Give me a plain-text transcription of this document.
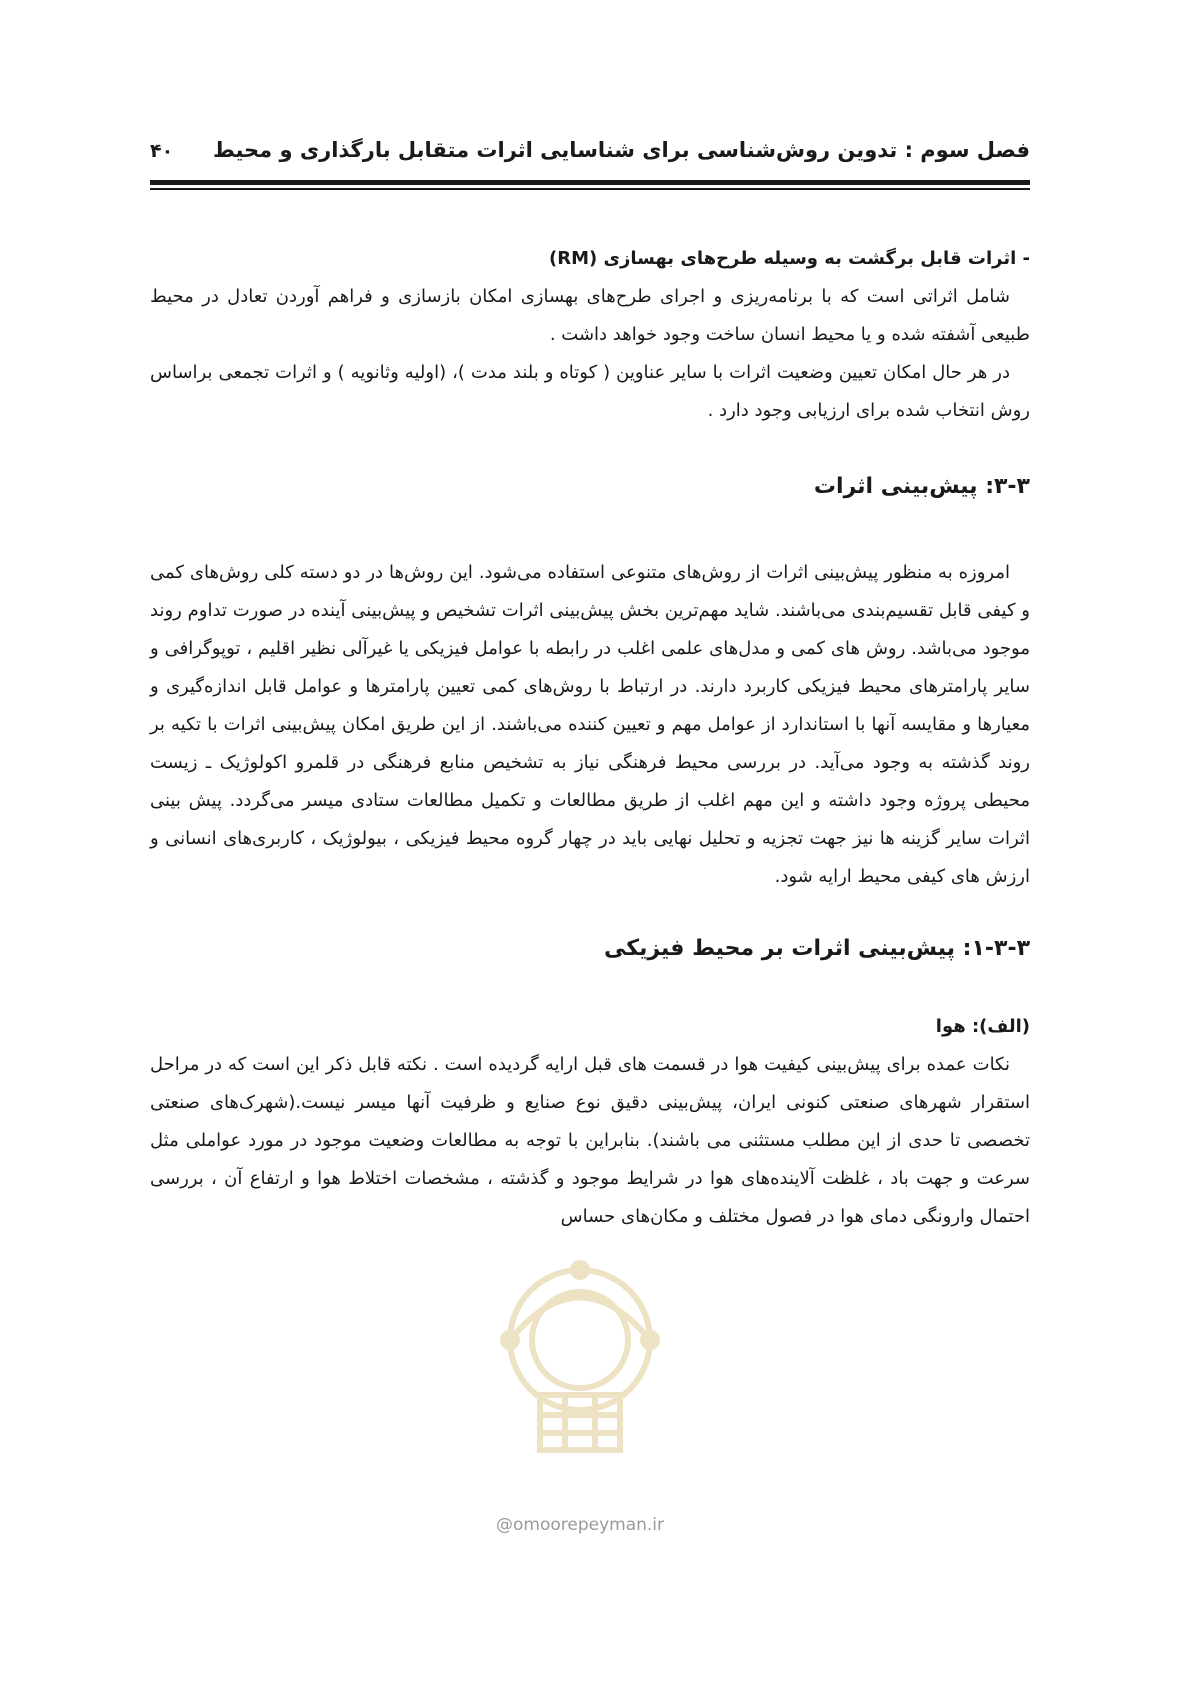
فصل سوم : تدوین روش‌شناسی برای شناسایی اثرات متقابل بارگذاری و محیط
۴۰
- اثرات قابل برگشت به وسیله طرح‌های بهسازی (RM)

شامل اثراتی است که با برنامه‌ریزی و اجرای طرح‌های بهسازی امکان بازسازی و فراهم آوردن تعادل در محیط طبیعی آشفته شده و یا محیط انسان ساخت وجود خواهد داشت .

در هر حال امکان تعیین وضعیت اثرات با سایر عناوین ( کوتاه و بلند مدت )، (اولیه وثانویه ) و اثرات تجمعی براساس روش انتخاب شده برای ارزیابی وجود دارد .

۳-۳: پیش‌بینی اثرات

امروزه به منظور پیش‌بینی اثرات از روش‌های متنوعی استفاده می‌شود. این روش‌ها در دو دسته کلی روش‌های کمی و کیفی قابل تقسیم‌بندی می‌باشند. شاید مهم‌ترین بخش پیش‌بینی اثرات تشخیص و پیش‌بینی آینده در صورت تداوم روند موجود می‌باشد. روش های کمی و مدل‌های علمی اغلب در رابطه با عوامل فیزیکی یا غیرآلی نظیر اقلیم ، توپوگرافی و سایر پارامترهای محیط فیزیکی کاربرد دارند. در ارتباط با روش‌های کمی تعیین پارامترها و عوامل قابل اندازه‌گیری و معیارها و مقایسه آنها با استاندارد از عوامل مهم و تعیین کننده می‌باشند. از این طریق امکان پیش‌بینی اثرات با تکیه بر روند گذشته به وجود می‌آید. در بررسی محیط فرهنگی نیاز به تشخیص منابع فرهنگی در قلمرو اکولوژیک ـ زیست محیطی پروژه وجود داشته و این مهم اغلب از طریق مطالعات و تکمیل مطالعات ستادی میسر می‌گردد. پیش بینی اثرات سایر گزینه ها نیز جهت تجزیه و تحلیل نهایی باید در چهار گروه محیط فیزیکی ، بیولوژیک ، کاربری‌های انسانی و ارزش های کیفی محیط ارایه شود.

۱-۳-۳: پیش‌بینی اثرات بر محیط فیزیکی
(الف): هوا

نکات عمده برای پیش‌بینی کیفیت هوا در قسمت های قبل ارایه گردیده است . نکته قابل ذکر این است که در مراحل استقرار شهرهای صنعتی کنونی ایران، پیش‌بینی دقیق نوع صنایع و ظرفیت آنها میسر نیست.(شهرک‌های صنعتی تخصصی تا حدی از این مطلب مستثنی می باشند). بنابراین با توجه به مطالعات وضعیت موجود در مورد عواملی مثل سرعت و جهت باد ، غلظت آلاینده‌های هوا در شرایط موجود و گذشته ، مشخصات اختلاط هوا و ارتفاع آن ، بررسی احتمال وارونگی دمای هوا در فصول مختلف و مکان‌های حساس

@omoorepeyman.ir
